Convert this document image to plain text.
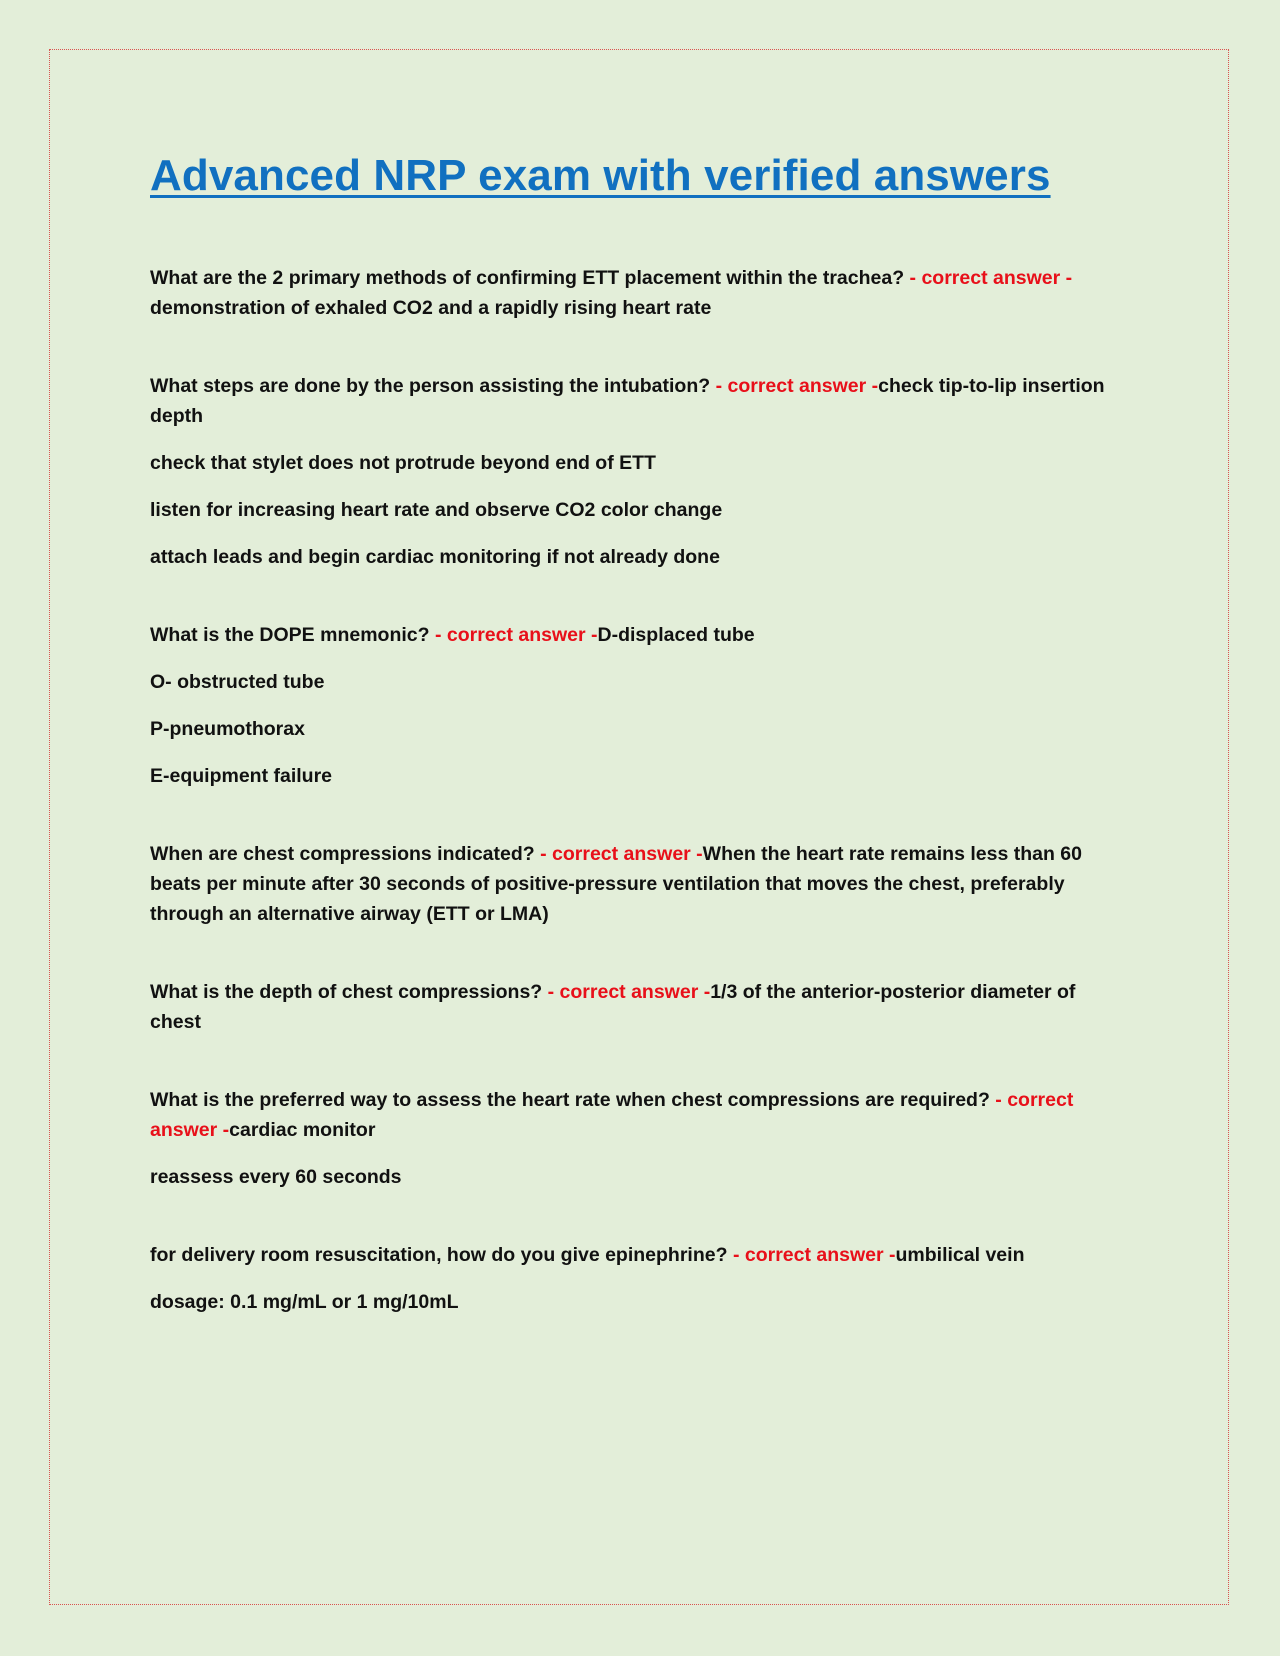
Advanced NRP exam with verified answers

What are the 2 primary methods of confirming ETT placement within the trachea? - correct answer - demonstration of exhaled CO2 and a rapidly rising heart rate

What steps are done by the person assisting the intubation? - correct answer -check tip-to-lip insertion depth

check that stylet does not protrude beyond end of ETT

listen for increasing heart rate and observe CO2 color change

attach leads and begin cardiac monitoring if not already done

What is the DOPE mnemonic? - correct answer -D-displaced tube

O- obstructed tube

P-pneumothorax

E-equipment failure

When are chest compressions indicated? - correct answer -When the heart rate remains less than 60 beats per minute after 30 seconds of positive-pressure ventilation that moves the chest, preferably through an alternative airway (ETT or LMA)

What is the depth of chest compressions? - correct answer -1/3 of the anterior-posterior diameter of chest

What is the preferred way to assess the heart rate when chest compressions are required? - correct answer -cardiac monitor

reassess every 60 seconds

for delivery room resuscitation, how do you give epinephrine? - correct answer -umbilical vein

dosage: 0.1 mg/mL or 1 mg/10mL
